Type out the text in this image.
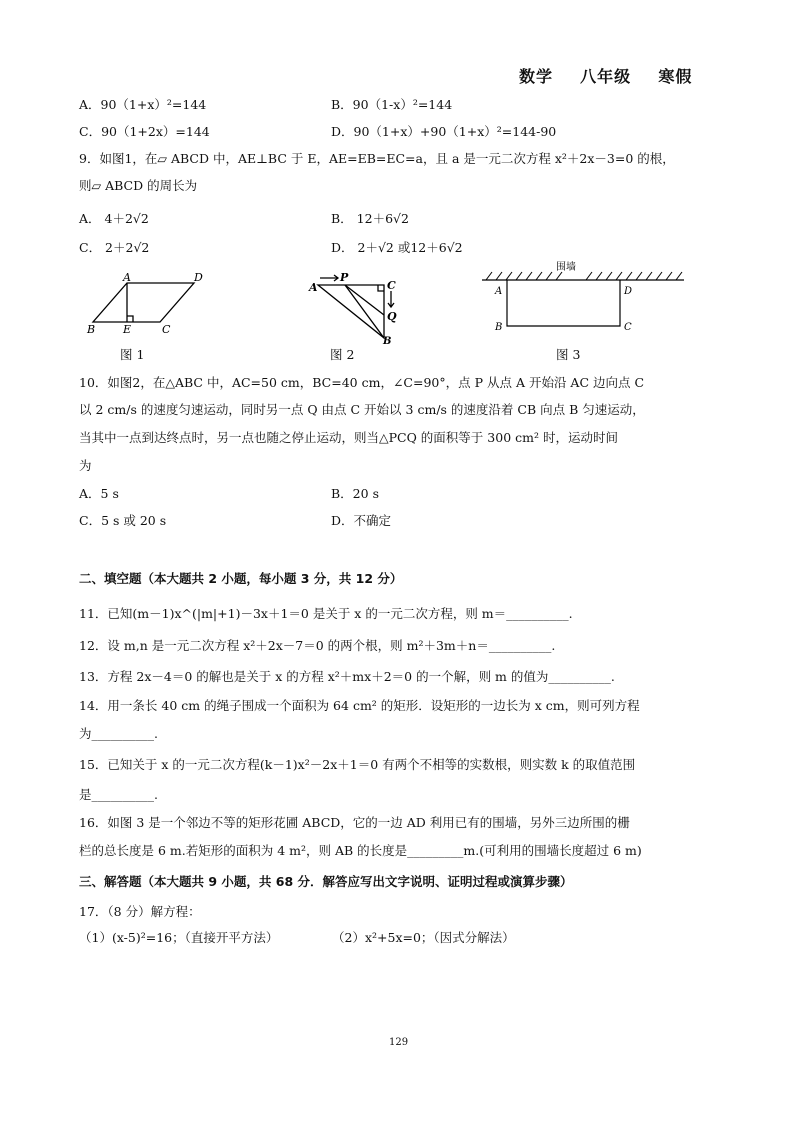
数学 八年级 寒假
A．90（1+x）²=144	B．90（1-x）²=144
C．90（1+2x）=144	D．90（1+x）+90（1+x）²=144-90
9．如图1，在▱ ABCD 中，AE⊥BC 于 E，AE=EB=EC=a，且 a 是一元二次方程 x²＋2x－3=0 的根，
则▱ ABCD 的周长为
A． 4＋2√2	B． 12＋6√2
C． 2＋2√2	D． 2＋√2 或12＋6√2
A	D
B	E	C
A
P
C
Q
B
围墙
A	D
B	C
图 1	图 2	图 3
10．如图2，在△ABC 中，AC=50 cm，BC=40 cm，∠C=90°，点 P 从点 A 开始沿 AC 边向点 C
以 2 cm/s 的速度匀速运动，同时另一点 Q 由点 C 开始以 3 cm/s 的速度沿着 CB 向点 B 匀速运动，
当其中一点到达终点时，另一点也随之停止运动，则当△PCQ 的面积等于 300 cm² 时，运动时间
为
A．5 s	B．20 s
C．5 s 或 20 s	D．不确定
二、填空题（本大题共 2 小题，每小题 3 分，共 12 分）
11．已知(m－1)x^(|m|+1)－3x＋1＝0 是关于 x 的一元二次方程，则 m＝__________.
12．设 m,n 是一元二次方程 x²＋2x－7＝0 的两个根，则 m²＋3m＋n＝__________.
13．方程 2x－4＝0 的解也是关于 x 的方程 x²＋mx＋2＝0 的一个解，则 m 的值为__________.
14．用一条长 40 cm 的绳子围成一个面积为 64 cm² 的矩形．设矩形的一边长为 x cm，则可列方程
为__________.
15．已知关于 x 的一元二次方程(k－1)x²－2x＋1＝0 有两个不相等的实数根，则实数 k 的取值范围
是__________.
16．如图 3 是一个邻边不等的矩形花圃 ABCD，它的一边 AD 利用已有的围墙，另外三边所围的栅
栏的总长度是 6 m.若矩形的面积为 4 m²，则 AB 的长度是_________m.(可利用的围墙长度超过 6 m)
三、解答题（本大题共 9 小题，共 68 分．解答应写出文字说明、证明过程或演算步骤）
17．（8 分）解方程：
（1）(x-5)²=16；（直接开平方法）	（2）x²+5x=0；（因式分解法）
129
